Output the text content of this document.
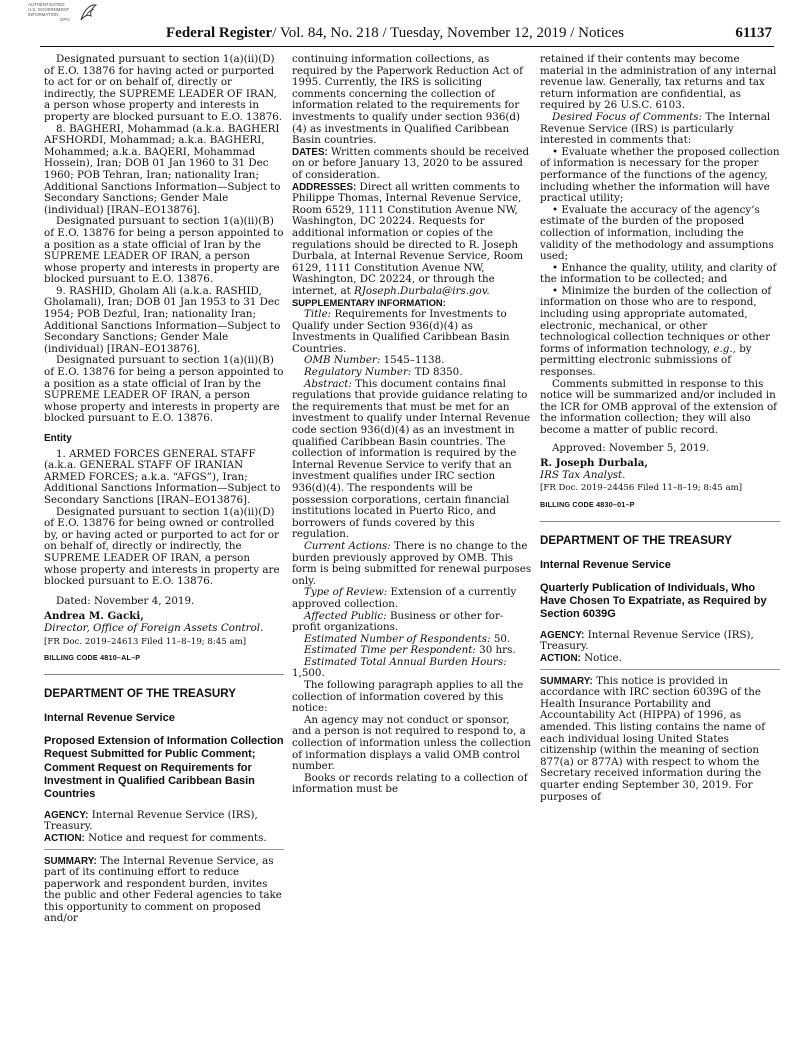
AUTHENTICATED
U.S. GOVERNMENT
INFORMATION
GPO
Federal Register/ Vol. 84, No. 218 / Tuesday, November 12, 2019 / Notices	61137

Designated pursuant to section 1(a)(ii)(D) of E.O. 13876 for having acted or purported to act for or on behalf of, directly or indirectly, the SUPREME LEADER OF IRAN, a person whose property and interests in property are blocked pursuant to E.O. 13876.

8. BAGHERI, Mohammad (a.k.a. BAGHERI AFSHORDI, Mohammad; a.k.a. BAGHERI, Mohammed; a.k.a. BAQERI, Mohammad Hossein), Iran; DOB 01 Jan 1960 to 31 Dec 1960; POB Tehran, Iran; nationality Iran; Additional Sanctions Information—Subject to Secondary Sanctions; Gender Male (individual) [IRAN–EO13876].

Designated pursuant to section 1(a)(ii)(B) of E.O. 13876 for being a person appointed to a position as a state official of Iran by the SUPREME LEADER OF IRAN, a person whose property and interests in property are blocked pursuant to E.O. 13876.

9. RASHID, Gholam Ali (a.k.a. RASHID, Gholamali), Iran; DOB 01 Jan 1953 to 31 Dec 1954; POB Dezful, Iran; nationality Iran; Additional Sanctions Information—Subject to Secondary Sanctions; Gender Male (individual) [IRAN–EO13876].

Designated pursuant to section 1(a)(ii)(B) of E.O. 13876 for being a person appointed to a position as a state official of Iran by the SUPREME LEADER OF IRAN, a person whose property and interests in property are blocked pursuant to E.O. 13876.

Entity

1. ARMED FORCES GENERAL STAFF (a.k.a. GENERAL STAFF OF IRANIAN ARMED FORCES; a.k.a. “AFGS”), Iran; Additional Sanctions Information—Subject to Secondary Sanctions [IRAN–EO13876].

Designated pursuant to section 1(a)(ii)(D) of E.O. 13876 for being owned or controlled by, or having acted or purported to act for or on behalf of, directly or indirectly, the SUPREME LEADER OF IRAN, a person whose property and interests in property are blocked pursuant to E.O. 13876.

Dated: November 4, 2019.

Andrea M. Gacki,

Director, Office of Foreign Assets Control.

[FR Doc. 2019–24613 Filed 11–8–19; 8:45 am]

BILLING CODE 4810–AL–P

DEPARTMENT OF THE TREASURY

Internal Revenue Service

Proposed Extension of Information Collection Request Submitted for Public Comment; Comment Request on Requirements for Investment in Qualified Caribbean Basin Countries

AGENCY: Internal Revenue Service (IRS), Treasury.

ACTION: Notice and request for comments.

SUMMARY: The Internal Revenue Service, as part of its continuing effort to reduce paperwork and respondent burden, invites the public and other Federal agencies to take this opportunity to comment on proposed and/or

continuing information collections, as required by the Paperwork Reduction Act of 1995. Currently, the IRS is soliciting comments concerning the collection of information related to the requirements for investments to qualify under section 936(d)(4) as investments in Qualified Caribbean Basin countries.

DATES: Written comments should be received on or before January 13, 2020 to be assured of consideration.

ADDRESSES: Direct all written comments to Philippe Thomas, Internal Revenue Service, Room 6529, 1111 Constitution Avenue NW, Washington, DC 20224. Requests for additional information or copies of the regulations should be directed to R. Joseph Durbala, at Internal Revenue Service, Room 6129, 1111 Constitution Avenue NW, Washington, DC 20224, or through the internet, at RJoseph.Durbala@irs.gov.

SUPPLEMENTARY INFORMATION:

Title: Requirements for Investments to Qualify under Section 936(d)(4) as Investments in Qualified Caribbean Basin Countries.

OMB Number: 1545–1138.

Regulatory Number: TD 8350.

Abstract: This document contains final regulations that provide guidance relating to the requirements that must be met for an investment to qualify under Internal Revenue code section 936(d)(4) as an investment in qualified Caribbean Basin countries. The collection of information is required by the Internal Revenue Service to verify that an investment qualifies under IRC section 936(d)(4). The respondents will be possession corporations, certain financial institutions located in Puerto Rico, and borrowers of funds covered by this regulation.

Current Actions: There is no change to the burden previously approved by OMB. This form is being submitted for renewal purposes only.

Type of Review: Extension of a currently approved collection.

Affected Public: Business or other for-profit organizations.

Estimated Number of Respondents: 50.

Estimated Time per Respondent: 30 hrs.

Estimated Total Annual Burden Hours: 1,500.

The following paragraph applies to all the collection of information covered by this notice:

An agency may not conduct or sponsor, and a person is not required to respond to, a collection of information unless the collection of information displays a valid OMB control number.

Books or records relating to a collection of information must be

retained if their contents may become material in the administration of any internal revenue law. Generally, tax returns and tax return information are confidential, as required by 26 U.S.C. 6103.

Desired Focus of Comments: The Internal Revenue Service (IRS) is particularly interested in comments that:

• Evaluate whether the proposed collection of information is necessary for the proper performance of the functions of the agency, including whether the information will have practical utility;

• Evaluate the accuracy of the agency’s estimate of the burden of the proposed collection of information, including the validity of the methodology and assumptions used;

• Enhance the quality, utility, and clarity of the information to be collected; and

• Minimize the burden of the collection of information on those who are to respond, including using appropriate automated, electronic, mechanical, or other technological collection techniques or other forms of information technology, e.g., by permitting electronic submissions of responses.

Comments submitted in response to this notice will be summarized and/or included in the ICR for OMB approval of the extension of the information collection; they will also become a matter of public record.

Approved: November 5, 2019.

R. Joseph Durbala,

IRS Tax Analyst.

[FR Doc. 2019–24456 Filed 11–8–19; 8:45 am]

BILLING CODE 4830–01–P

DEPARTMENT OF THE TREASURY

Internal Revenue Service

Quarterly Publication of Individuals, Who Have Chosen To Expatriate, as Required by Section 6039G

AGENCY: Internal Revenue Service (IRS), Treasury.

ACTION: Notice.

SUMMARY: This notice is provided in accordance with IRC section 6039G of the Health Insurance Portability and Accountability Act (HIPPA) of 1996, as amended. This listing contains the name of each individual losing United States citizenship (within the meaning of section 877(a) or 877A) with respect to whom the Secretary received information during the quarter ending September 30, 2019. For purposes of
